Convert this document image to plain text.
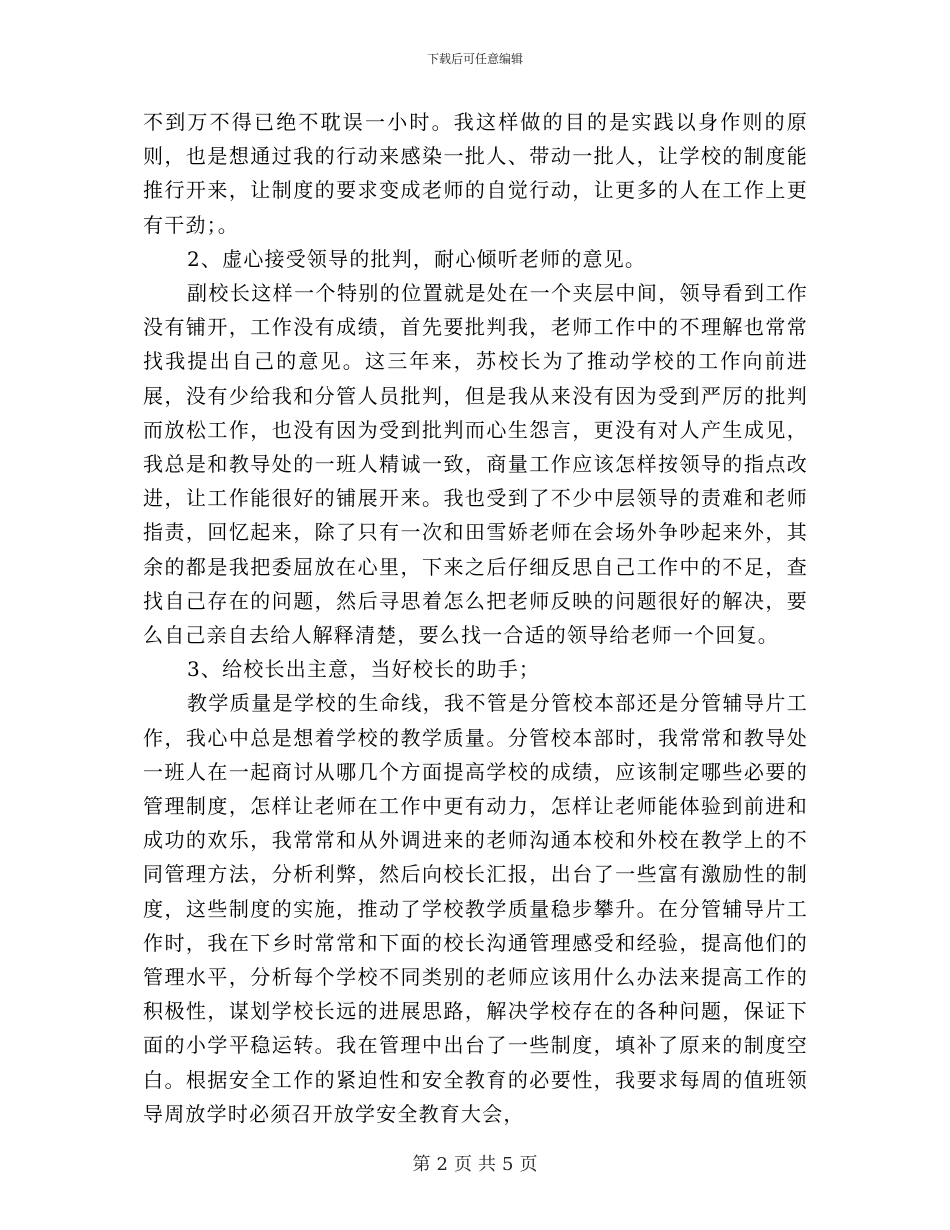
下载后可任意编辑

不到万不得已绝不耽误一小时。我这样做的目的是实践以身作则的原则，也是想通过我的行动来感染一批人、带动一批人，让学校的制度能推行开来，让制度的要求变成老师的自觉行动，让更多的人在工作上更有干劲；。

2、虚心接受领导的批判，耐心倾听老师的意见。

副校长这样一个特别的位置就是处在一个夹层中间，领导看到工作没有铺开，工作没有成绩，首先要批判我，老师工作中的不理解也常常找我提出自己的意见。这三年来，苏校长为了推动学校的工作向前进展，没有少给我和分管人员批判，但是我从来没有因为受到严厉的批判而放松工作，也没有因为受到批判而心生怨言，更没有对人产生成见，我总是和教导处的一班人精诚一致，商量工作应该怎样按领导的指点改进，让工作能很好的铺展开来。我也受到了不少中层领导的责难和老师指责，回忆起来，除了只有一次和田雪娇老师在会场外争吵起来外，其余的都是我把委屈放在心里，下来之后仔细反思自己工作中的不足，查找自己存在的问题，然后寻思着怎么把老师反映的问题很好的解决，要么自己亲自去给人解释清楚，要么找一合适的领导给老师一个回复。

3、给校长出主意，当好校长的助手；

教学质量是学校的生命线，我不管是分管校本部还是分管辅导片工作，我心中总是想着学校的教学质量。分管校本部时，我常常和教导处一班人在一起商讨从哪几个方面提高学校的成绩，应该制定哪些必要的管理制度，怎样让老师在工作中更有动力，怎样让老师能体验到前进和成功的欢乐，我常常和从外调进来的老师沟通本校和外校在教学上的不同管理方法，分析利弊，然后向校长汇报，出台了一些富有激励性的制度，这些制度的实施，推动了学校教学质量稳步攀升。在分管辅导片工作时，我在下乡时常常和下面的校长沟通管理感受和经验，提高他们的管理水平，分析每个学校不同类别的老师应该用什么办法来提高工作的积极性，谋划学校长远的进展思路，解决学校存在的各种问题，保证下面的小学平稳运转。我在管理中出台了一些制度，填补了原来的制度空白。根据安全工作的紧迫性和安全教育的必要性，我要求每周的值班领导周放学时必须召开放学安全教育大会，

第 2 页 共 5 页
